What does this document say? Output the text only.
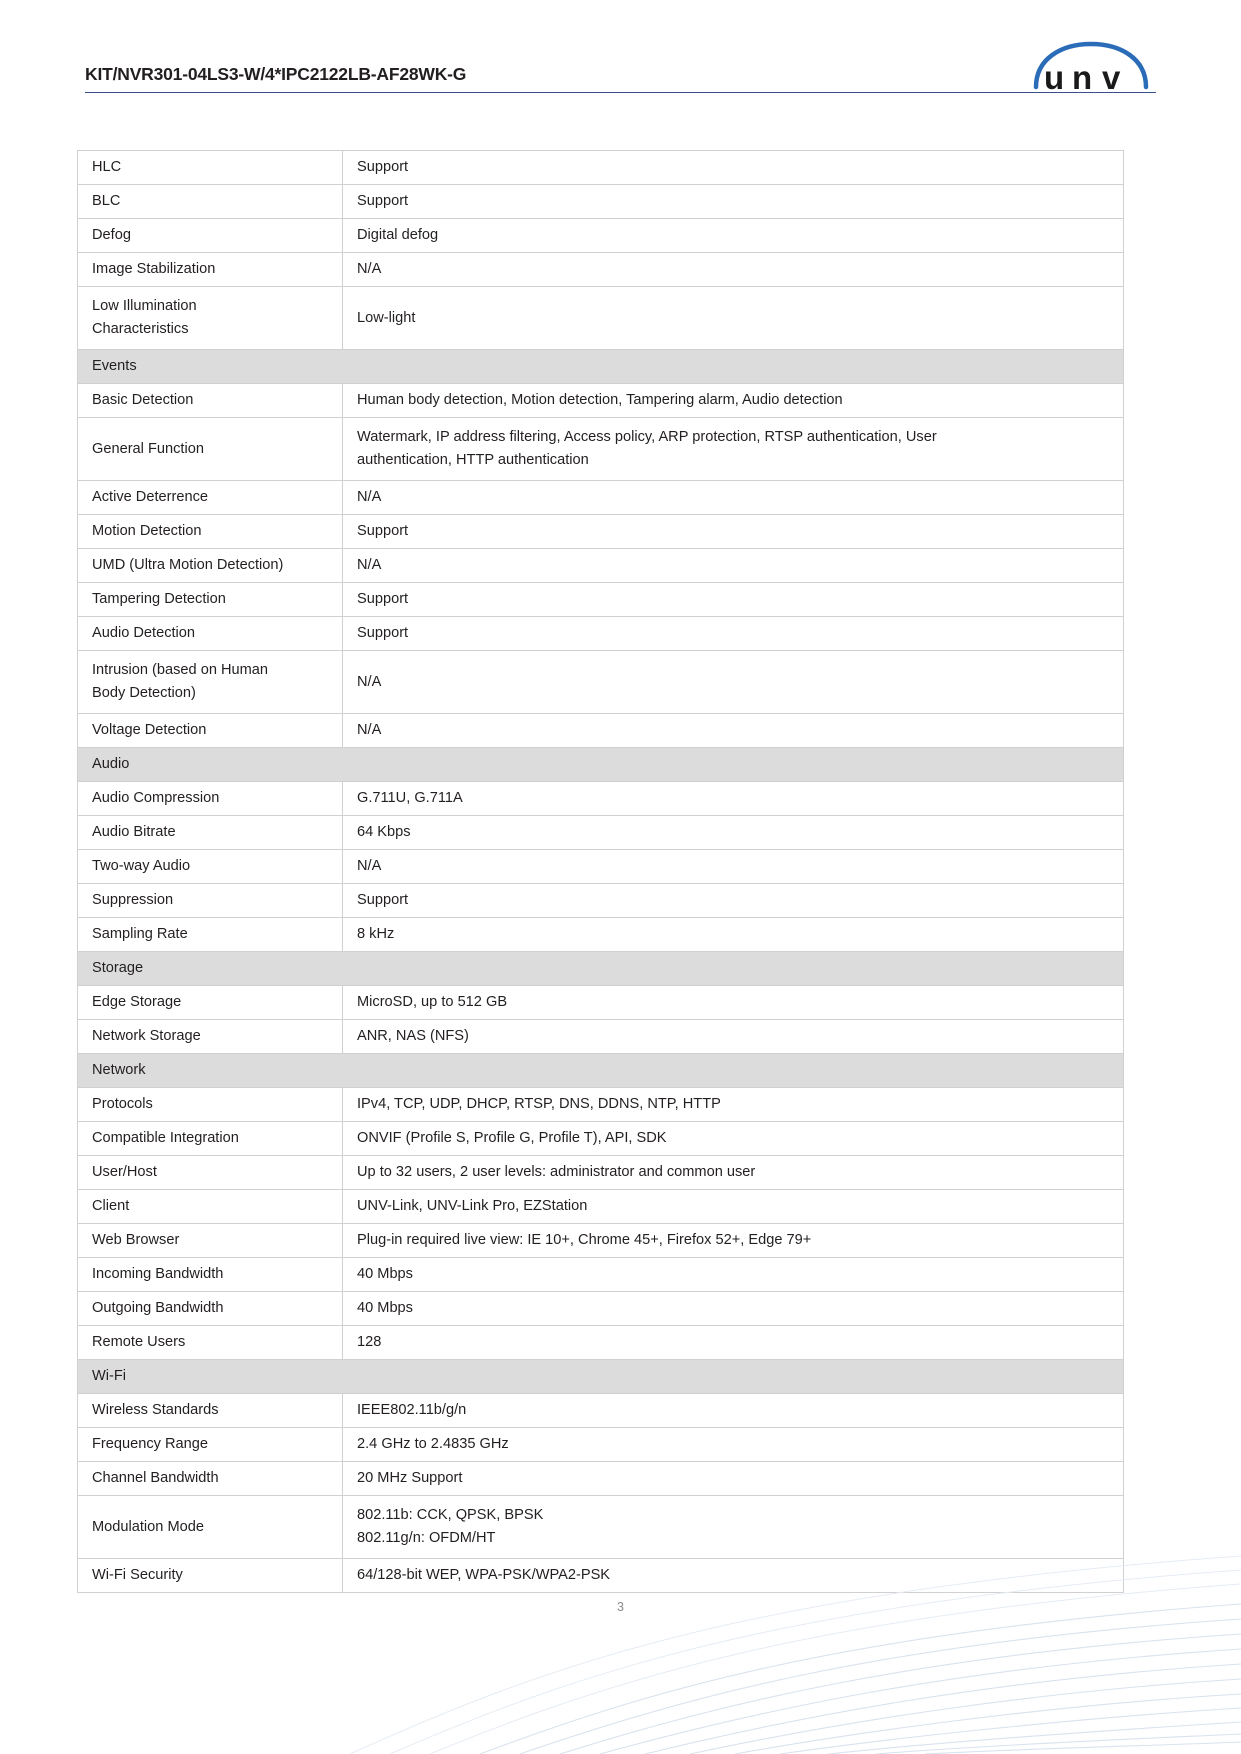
KIT/NVR301-04LS3-W/4*IPC2122LB-AF28WK-G	u n v
HLC	Support
BLC	Support
Defog	Digital defog
Image Stabilization	N/A

Low Illumination
Characteristics	Low-light
Events	
Basic Detection	Human body detection, Motion detection, Tampering alarm, Audio detection
General Function	Watermark, IP address filtering, Access policy, ARP protection, RTSP authentication, User
authentication, HTTP authentication

Active Deterrence	N/A
Motion Detection	Support
UMD (Ultra Motion Detection)	N/A
Tampering Detection	Support
Audio Detection	Support

Intrusion (based on Human
Body Detection)	N/A
Voltage Detection	N/A
Audio	
Audio Compression	G.711U, G.711A
Audio Bitrate	64 Kbps
Two-way Audio	N/A
Suppression	Support
Sampling Rate	8 kHz
Storage	
Edge Storage	MicroSD, up to 512 GB
Network Storage	ANR, NAS (NFS)
Network	
Protocols	IPv4, TCP, UDP, DHCP, RTSP, DNS, DDNS, NTP, HTTP
Compatible Integration	ONVIF (Profile S, Profile G, Profile T), API, SDK
User/Host	Up to 32 users, 2 user levels: administrator and common user
Client	UNV-Link, UNV-Link Pro, EZStation
Web Browser	Plug-in required live view: IE 10+, Chrome 45+, Firefox 52+, Edge 79+
Incoming Bandwidth	40 Mbps
Outgoing Bandwidth	40 Mbps
Remote Users	128
Wi-Fi	
Wireless Standards	IEEE802.11b/g/n
Frequency Range	2.4 GHz to 2.4835 GHz
Channel Bandwidth	20 MHz Support
Modulation Mode	802.11b: CCK, QPSK, BPSK
802.11g/n: OFDM/HT

Wi-Fi Security	64/128-bit WEP, WPA-PSK/WPA2-PSK
3
